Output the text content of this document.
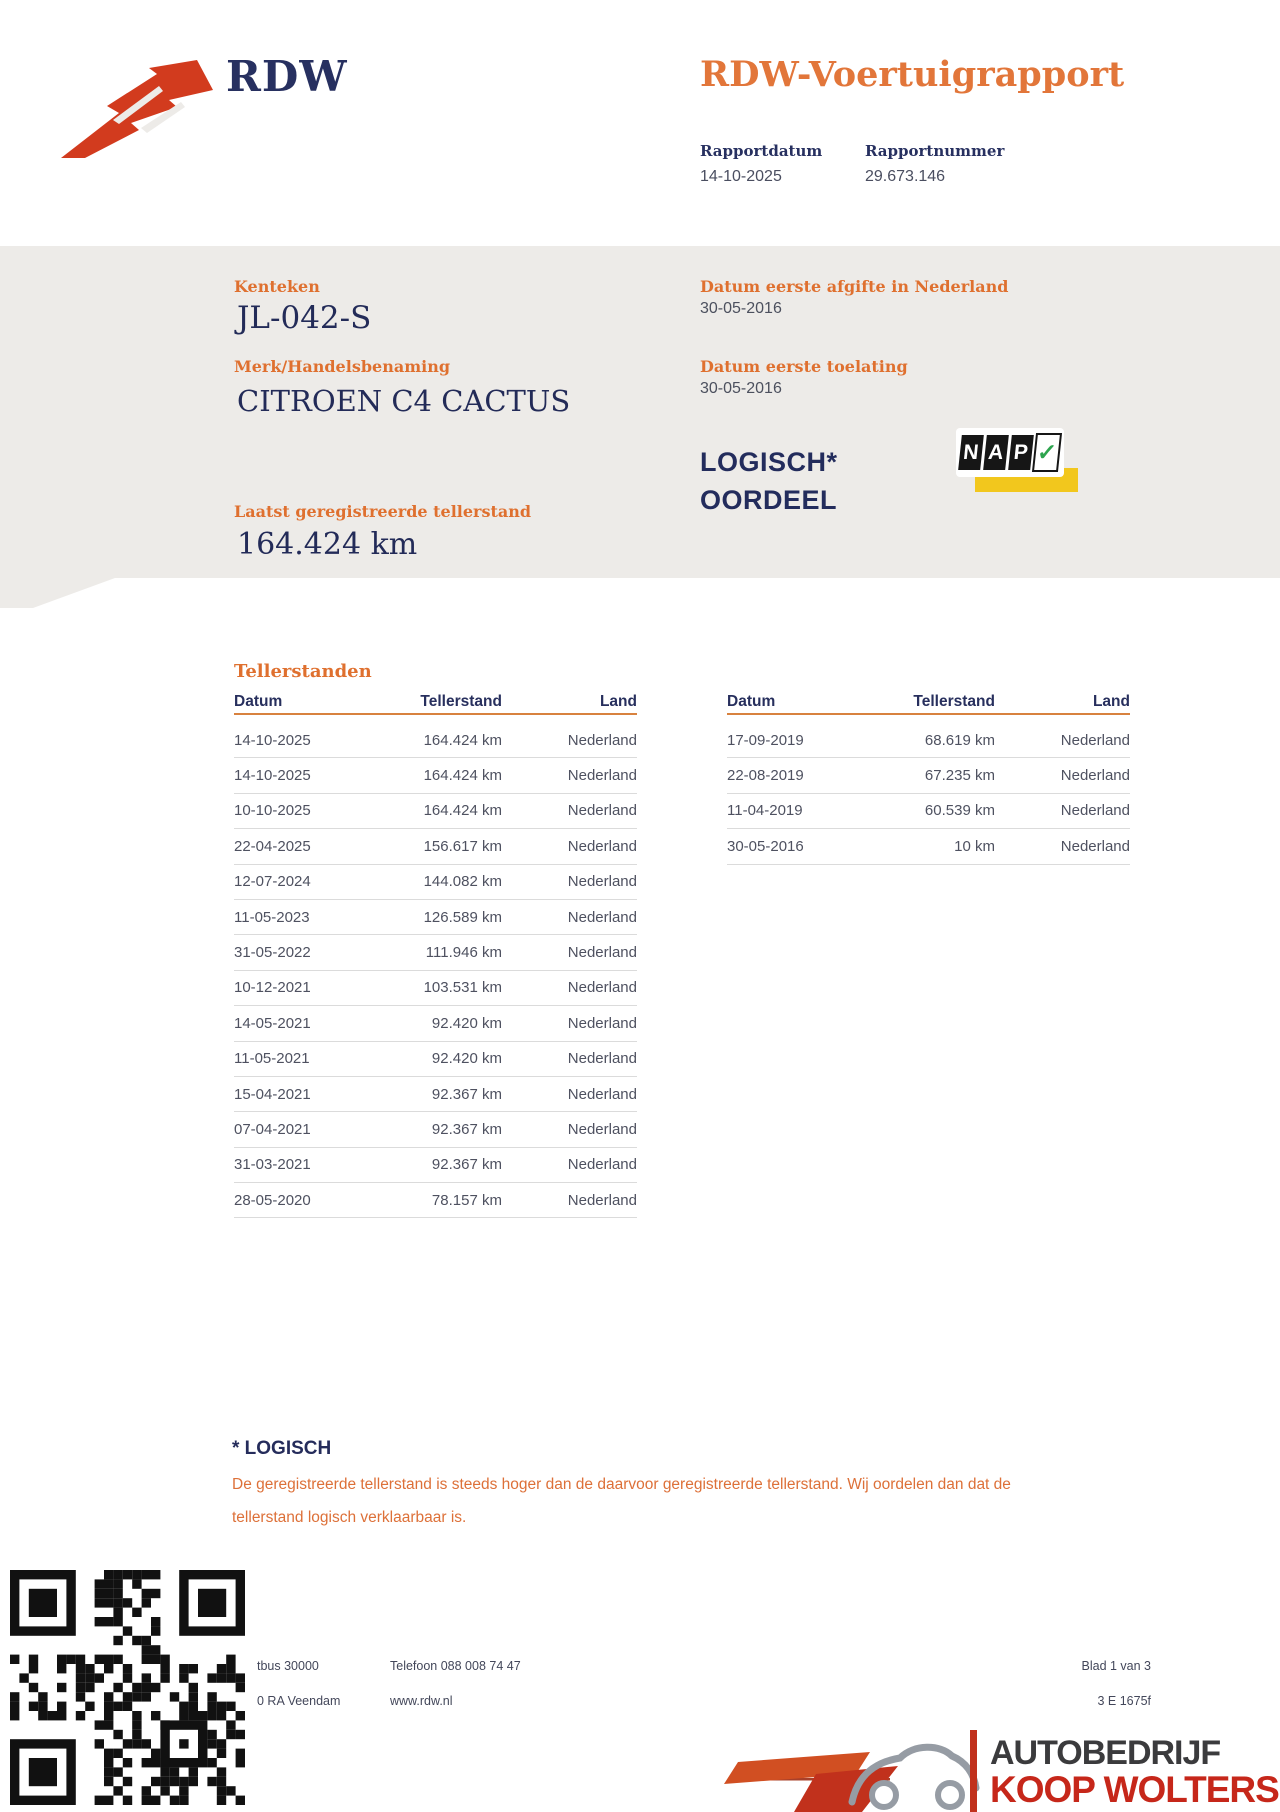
RDW	RDW-Voertuigrapport
Rapportdatum	Rapportnummer
14-10-2025	29.673.146
Kenteken
JL-042-S
Merk/Handelsbenaming
CITROEN C4 CACTUS
Laatst geregistreerde tellerstand
164.424 km
Datum eerste afgifte in Nederland
30-05-2016
Datum eerste toelating
30-05-2016
LOGISCH*
OORDEEL
N A P ✓
Tellerstanden
Datum	Tellerstand	Land
14-10-2025	164.424 km	Nederland
14-10-2025	164.424 km	Nederland
10-10-2025	164.424 km	Nederland
22-04-2025	156.617 km	Nederland
12-07-2024	144.082 km	Nederland
11-05-2023	126.589 km	Nederland
31-05-2022	111.946 km	Nederland
10-12-2021	103.531 km	Nederland
14-05-2021	92.420 km	Nederland
11-05-2021	92.420 km	Nederland
15-04-2021	92.367 km	Nederland
07-04-2021	92.367 km	Nederland
31-03-2021	92.367 km	Nederland
28-05-2020	78.157 km	Nederland
Datum	Tellerstand	Land
17-09-2019	68.619 km	Nederland
22-08-2019	67.235 km	Nederland
11-04-2019	60.539 km	Nederland
30-05-2016	10 km	Nederland
* LOGISCH
De geregistreerde tellerstand is steeds hoger dan de daarvoor geregistreerde tellerstand. Wij oordelen dan dat de tellerstand logisch verklaarbaar is.
tbus 30000
0 RA Veendam
Telefoon 088 008 74 47
www.rdw.nl
Blad 1 van 3
3 E 1675f
AUTOBEDRIJF
KOOP WOLTERS
